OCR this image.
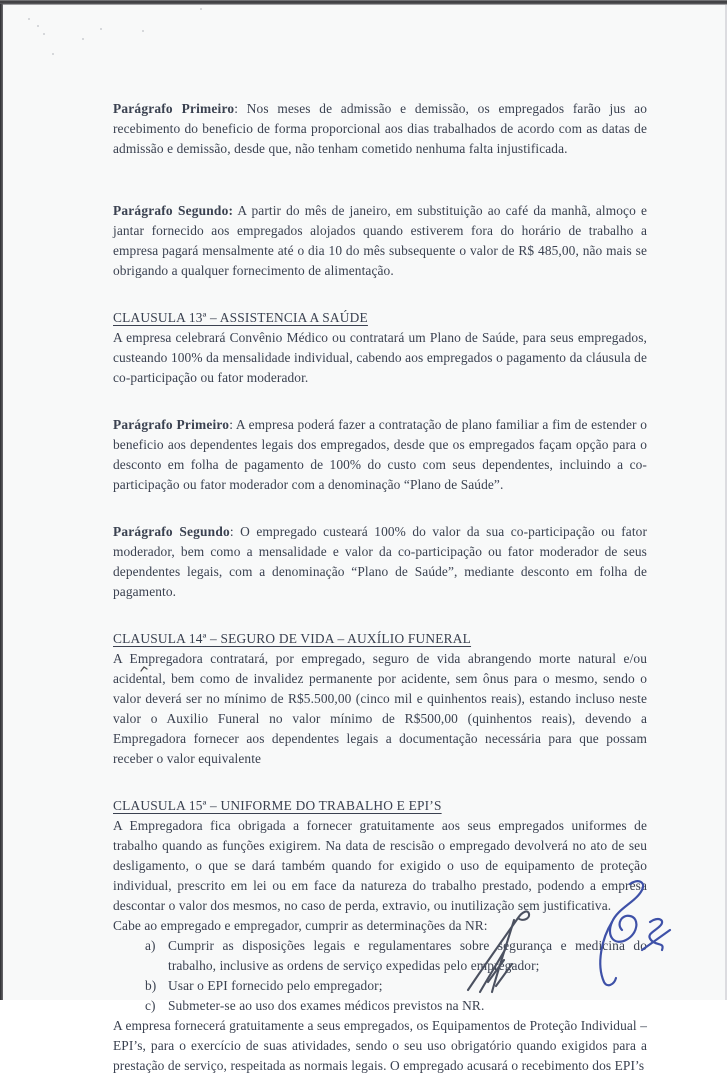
Parágrafo Primeiro: Nos meses de admissão e demissão, os empregados farão jus ao recebimento do beneficio de forma proporcional aos dias trabalhados de acordo com as datas de admissão e demissão, desde que, não tenham cometido nenhuma falta injustificada.

Parágrafo Segundo: A partir do mês de janeiro, em substituição ao café da manhã, almoço e jantar fornecido aos empregados alojados quando estiverem fora do horário de trabalho a empresa pagará mensalmente até o dia 10 do mês subsequente o valor de R$ 485,00, não mais se obrigando a qualquer fornecimento de alimentação.

CLAUSULA 13ª – ASSISTENCIA A SAÚDE

A empresa celebrará Convênio Médico ou contratará um Plano de Saúde, para seus empregados, custeando 100% da mensalidade individual, cabendo aos empregados o pagamento da cláusula de co-participação ou fator moderador.

Parágrafo Primeiro: A empresa poderá fazer a contratação de plano familiar a fim de estender o beneficio aos dependentes legais dos empregados, desde que os empregados façam opção para o desconto em folha de pagamento de 100% do custo com seus dependentes, incluindo a co-participação ou fator moderador com a denominação “Plano de Saúde”.

Parágrafo Segundo: O empregado custeará 100% do valor da sua co-participação ou fator moderador, bem como a mensalidade e valor da co-participação ou fator moderador de seus dependentes legais, com a denominação “Plano de Saúde”, mediante desconto em folha de pagamento.

CLAUSULA 14ª – SEGURO DE VIDA – AUXÍLIO FUNERAL

A Empregadora contratará, por empregado, seguro de vida abrangendo morte natural e/ou acidental, bem como de invalidez permanente por acidente, sem ônus para o mesmo, sendo o valor deverá ser no mínimo de R$5.500,00 (cinco mil e quinhentos reais), estando incluso neste valor o Auxilio Funeral no valor mínimo de R$500,00 (quinhentos reais), devendo a Empregadora fornecer aos dependentes legais a documentação necessária para que possam receber o valor equivalente

CLAUSULA 15ª – UNIFORME DO TRABALHO E EPI’S

A Empregadora fica obrigada a fornecer gratuitamente aos seus empregados uniformes de trabalho quando as funções exigirem. Na data de rescisão o empregado devolverá no ato de seu desligamento, o que se dará também quando for exigido o uso de equipamento de proteção individual, prescrito em lei ou em face da natureza do trabalho prestado, podendo a empresa descontar o valor dos mesmos, no caso de perda, extravio, ou inutilização sem justificativa.

Cabe ao empregado e empregador, cumprir as determinações da NR:

a) Cumprir as disposições legais e regulamentares sobre segurança e medicina do trabalho, inclusive as ordens de serviço expedidas pelo empregador;
b) Usar o EPI fornecido pelo empregador;
c) Submeter-se ao uso dos exames médicos previstos na NR.

A empresa fornecerá gratuitamente a seus empregados, os Equipamentos de Proteção Individual – EPI’s, para o exercício de suas atividades, sendo o seu uso obrigatório quando exigidos para a prestação de serviço, respeitada as normais legais. O empregado acusará o recebimento dos EPI’s
